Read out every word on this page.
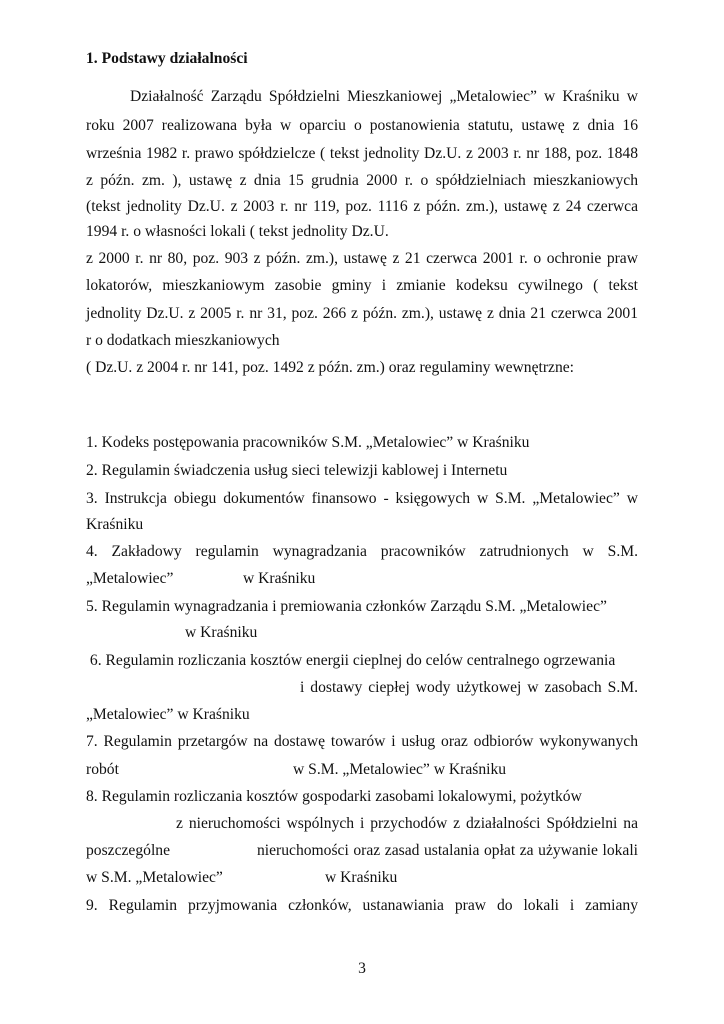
1. Podstawy działalności
Działalność Zarządu Spółdzielni Mieszkaniowej „Metalowiec” w Kraśniku w
roku 2007 realizowana była w oparciu o postanowienia statutu, ustawę z dnia 16
września 1982 r. prawo spółdzielcze ( tekst jednolity Dz.U. z 2003 r. nr 188, poz. 1848
z późn. zm. ), ustawę z dnia 15 grudnia 2000 r. o spółdzielniach mieszkaniowych
(tekst jednolity Dz.U. z 2003 r. nr 119, poz. 1116 z późn. zm.), ustawę z 24 czerwca
1994 r. o własności lokali ( tekst jednolity Dz.U.
z 2000 r. nr 80, poz. 903 z późn. zm.), ustawę z 21 czerwca 2001 r. o ochronie praw
lokatorów, mieszkaniowym zasobie gminy i zmianie kodeksu cywilnego ( tekst
jednolity Dz.U. z 2005 r. nr 31, poz. 266 z późn. zm.), ustawę z dnia 21 czerwca 2001
r o dodatkach mieszkaniowych
( Dz.U. z 2004 r. nr 141, poz. 1492 z późn. zm.) oraz regulaminy wewnętrzne:
1. Kodeks postępowania pracowników S.M. „Metalowiec” w Kraśniku
2. Regulamin świadczenia usług sieci telewizji kablowej i Internetu
3. Instrukcja obiegu dokumentów finansowo - księgowych w S.M. „Metalowiec” w
Kraśniku
4. Zakładowy regulamin wynagradzania pracowników zatrudnionych w S.M.
„Metalowiec”	w Kraśniku
5. Regulamin wynagradzania i premiowania członków Zarządu S.M. „Metalowiec”
w Kraśniku
6. Regulamin rozliczania kosztów energii cieplnej do celów centralnego ogrzewania
i dostawy ciepłej wody użytkowej w zasobach S.M.
„Metalowiec” w Kraśniku
7. Regulamin przetargów na dostawę towarów i usług oraz odbiorów wykonywanych
robót	w S.M. „Metalowiec” w Kraśniku
8. Regulamin rozliczania kosztów gospodarki zasobami lokalowymi, pożytków
z nieruchomości wspólnych i przychodów z działalności Spółdzielni na
poszczególne	nieruchomości oraz zasad ustalania opłat za używanie lokali
w S.M. „Metalowiec”	w Kraśniku
9. Regulamin przyjmowania członków, ustanawiania praw do lokali i zamiany
3
